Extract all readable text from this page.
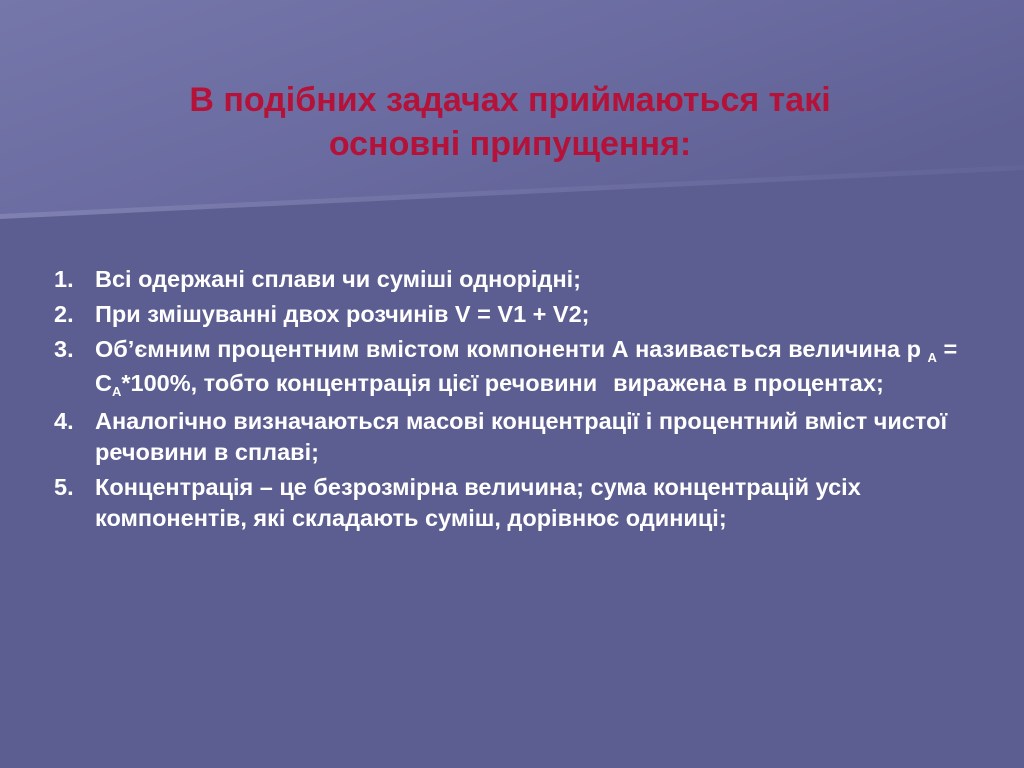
В подібних задачах приймаються такі
основні припущення:
1. Всі одержані сплави чи суміші однорідні;
2. При змішуванні двох розчинів V = V1 + V2;
3. Об’ємним процентним вмістом компоненти А називається величина р $_А = С_А*100\%$, тобто концентрація цієї речовини виражена в процентах;
4. Аналогічно визначаються масові концентрації і процентний вміст чистої речовини в сплаві;
5. Концентрація – це безрозмірна величина; сума концентрацій усіх компонентів, які складають суміш, дорівнює одиниці;
